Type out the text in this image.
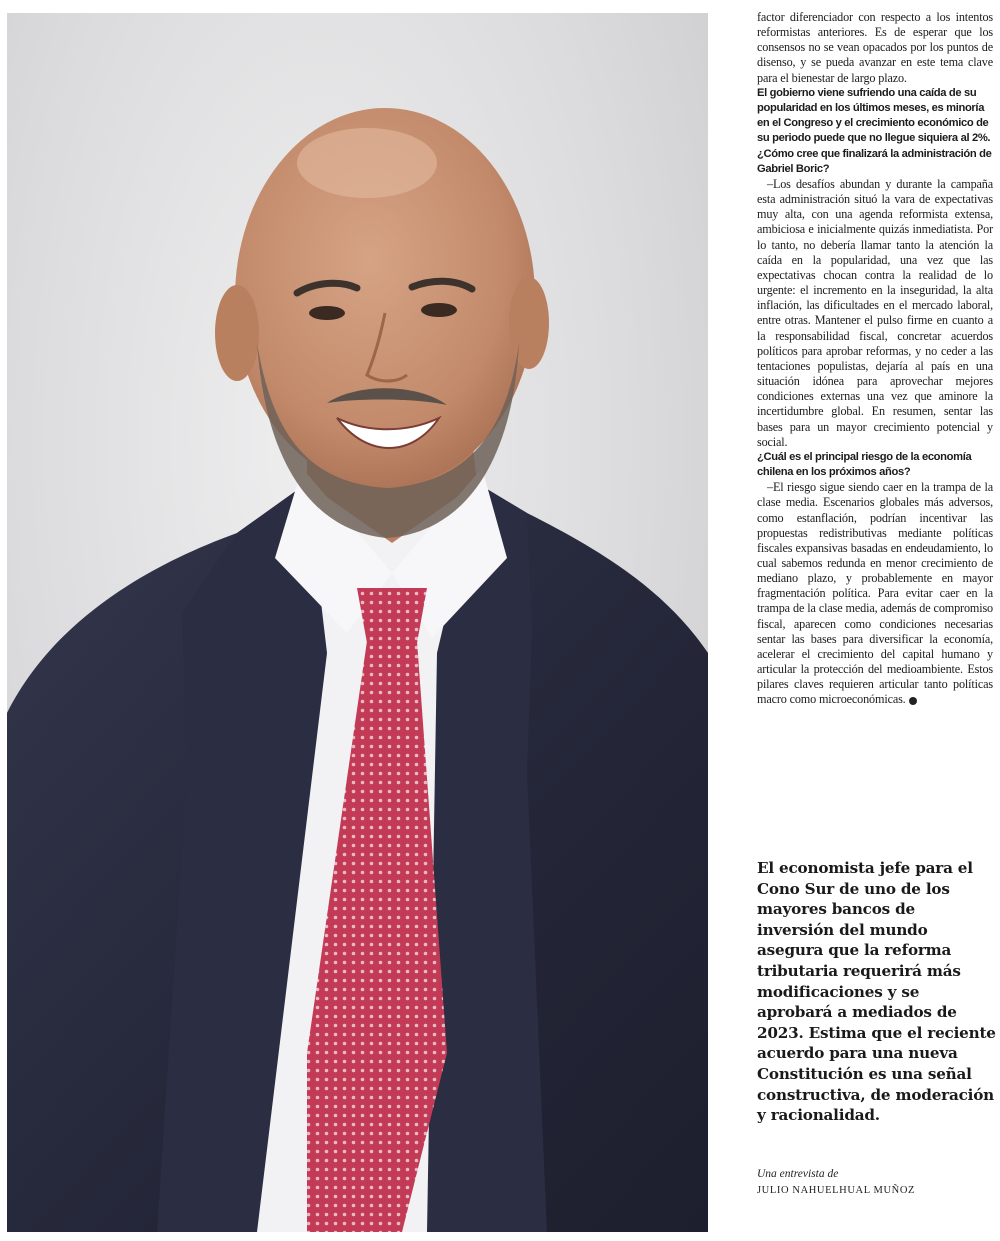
factor diferenciador con respecto a los intentos reformistas anteriores. Es de esperar que los consensos no se vean opacados por los puntos de disenso, y se pueda avanzar en este tema clave para el bienestar de largo plazo.

El gobierno viene sufriendo una caída de su popularidad en los últimos meses, es minoría en el Congreso y el crecimiento económico de su periodo puede que no llegue siquiera al 2%. ¿Cómo cree que finalizará la administración de Gabriel Boric?

–Los desafíos abundan y durante la campaña esta administración situó la vara de expectativas muy alta, con una agenda reformista extensa, ambiciosa e inicialmente quizás inmediatista. Por lo tanto, no debería llamar tanto la atención la caída en la popularidad, una vez que las expectativas chocan contra la realidad de lo urgente: el incremento en la inseguridad, la alta inflación, las dificultades en el mercado laboral, entre otras. Mantener el pulso firme en cuanto a la responsabilidad fiscal, concretar acuerdos políticos para aprobar reformas, y no ceder a las tentaciones populistas, dejaría al país en una situación idónea para aprovechar mejores condiciones externas una vez que aminore la incertidumbre global. En resumen, sentar las bases para un mayor crecimiento potencial y social.

¿Cuál es el principal riesgo de la economía chilena en los próximos años?

–El riesgo sigue siendo caer en la trampa de la clase media. Escenarios globales más adversos, como estanflación, podrían incentivar las propuestas redistributivas mediante políticas fiscales expansivas basadas en endeudamiento, lo cual sabemos redunda en menor crecimiento de mediano plazo, y probablemente en mayor fragmentación política. Para evitar caer en la trampa de la clase media, además de compromiso fiscal, aparecen como condiciones necesarias sentar las bases para diversificar la economía, acelerar el crecimiento del capital humano y articular la protección del medioambiente. Estos pilares claves requieren articular tanto políticas macro como microeconómicas.

El economista jefe para el Cono Sur de uno de los mayores bancos de inversión del mundo asegura que la reforma tributaria requerirá más modificaciones y se aprobará a mediados de 2023. Estima que el reciente acuerdo para una nueva Constitución es una señal constructiva, de moderación y racionalidad.
Una entrevista de
JULIO NAHUELHUAL MUÑOZ
